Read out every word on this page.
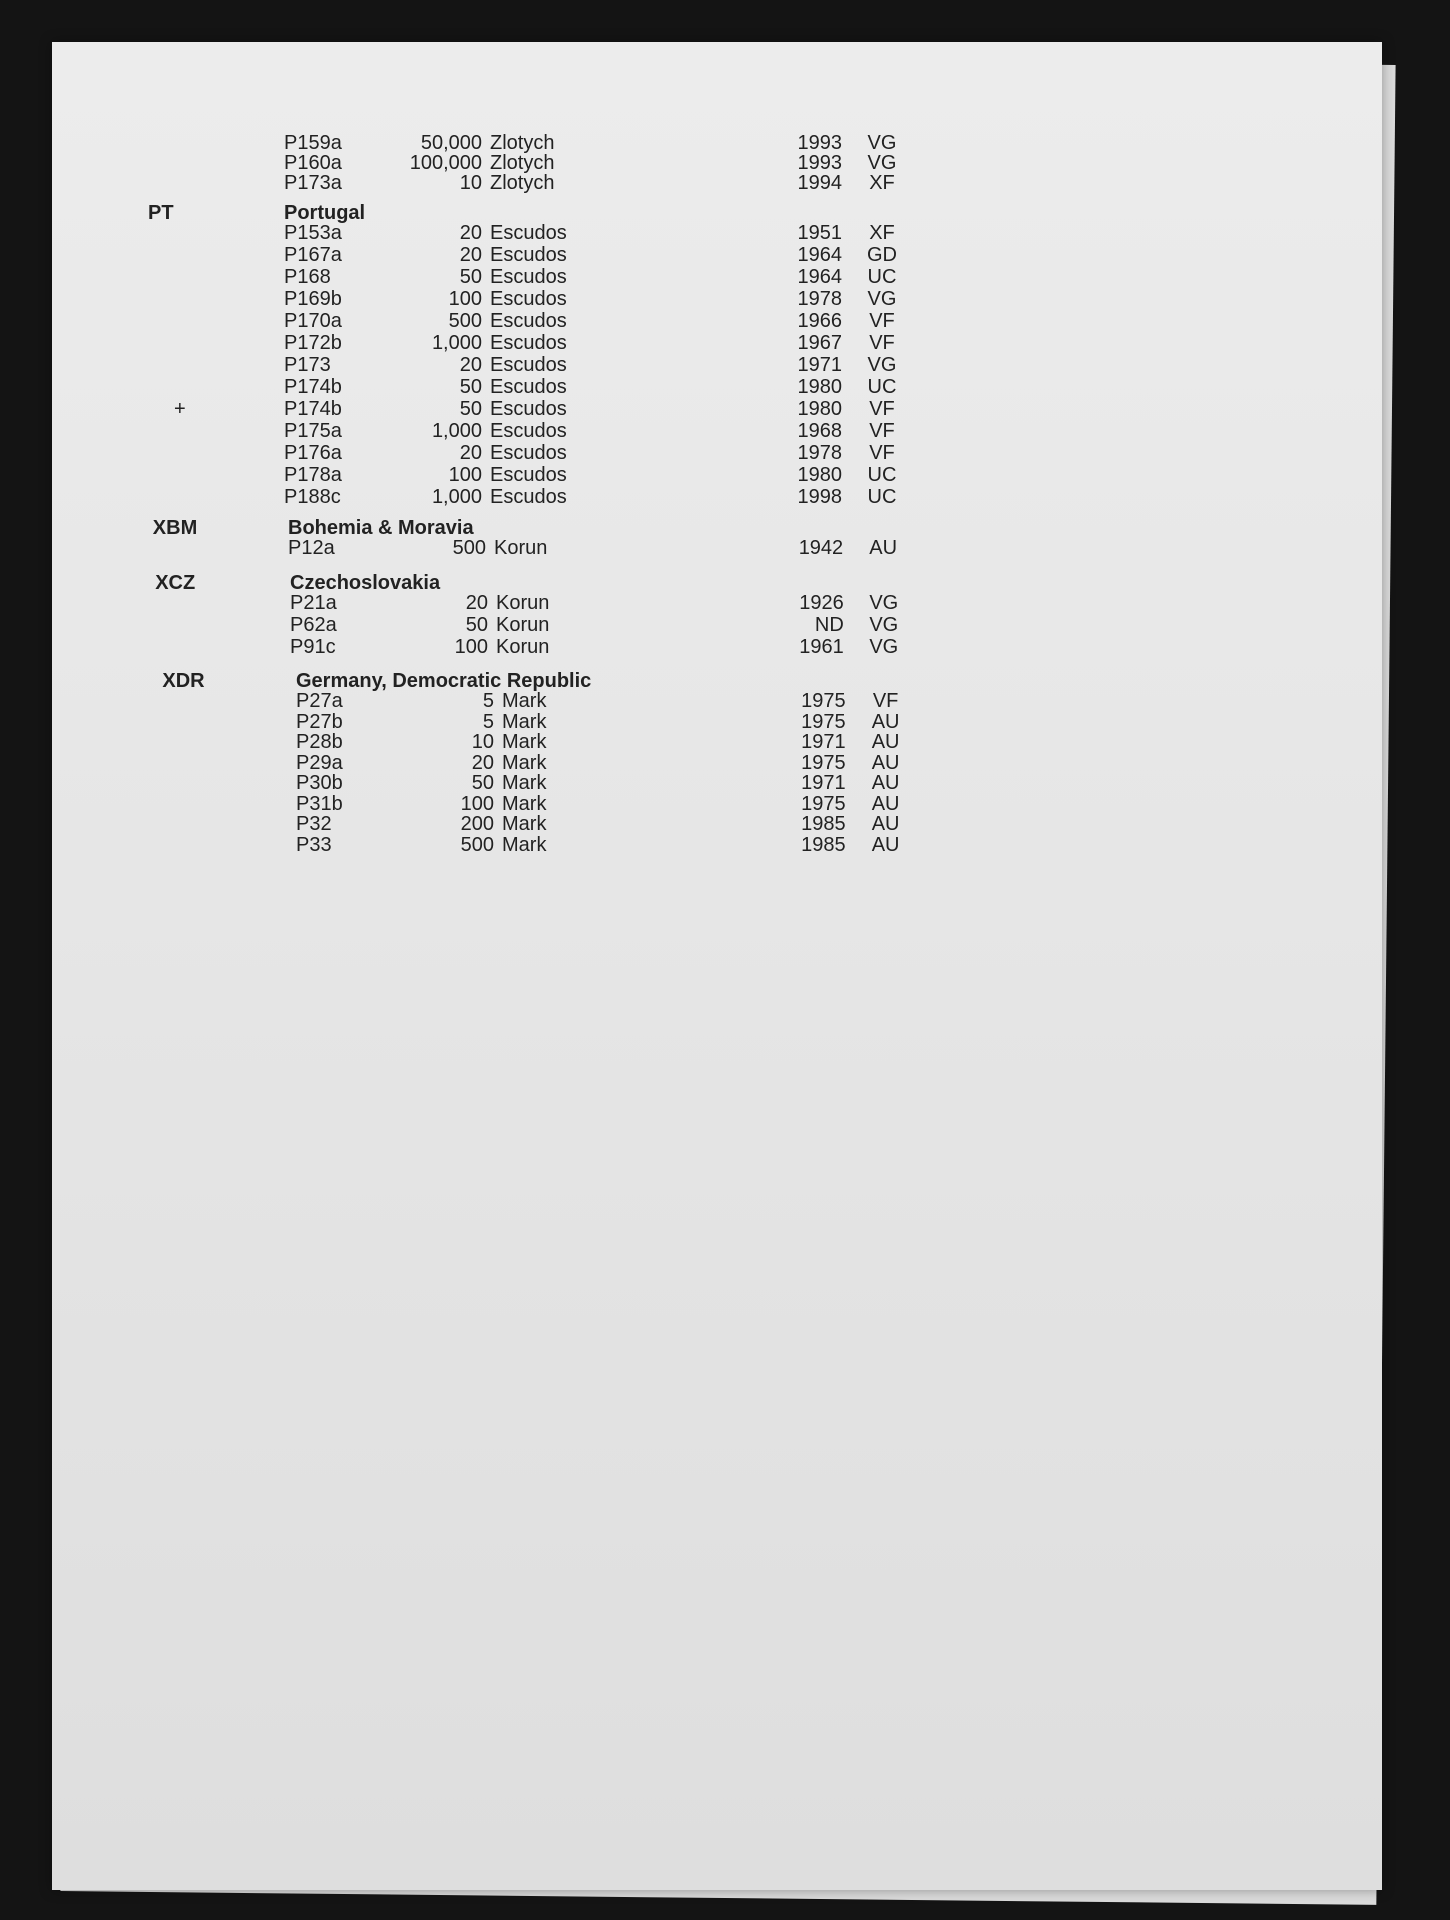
P159a	50,000 Zlotych	1993	VG
P160a	100,000 Zlotych	1993	VG
P173a	10 Zlotych	1994	XF
PT	Portugal
P153a	20 Escudos	1951	XF
P167a	20 Escudos	1964	GD
P168	50 Escudos	1964	UC
P169b	100 Escudos	1978	VG
P170a	500 Escudos	1966	VF
P172b	1,000 Escudos	1967	VF
P173	20 Escudos	1971	VG
P174b	50 Escudos	1980	UC
+	P174b	50 Escudos	1980	VF
P175a	1,000 Escudos	1968	VF
P176a	20 Escudos	1978	VF
P178a	100 Escudos	1980	UC
P188c	1,000 Escudos	1998	UC
XBM	Bohemia & Moravia
P12a	500 Korun	1942	AU
XCZ	Czechoslovakia
P21a	20 Korun	1926	VG
P62a	50 Korun	ND	VG
P91c	100 Korun	1961	VG
XDR	Germany, Democratic Republic
P27a	5 Mark	1975	VF
P27b	5 Mark	1975	AU
P28b	10 Mark	1971	AU
P29a	20 Mark	1975	AU
P30b	50 Mark	1971	AU
P31b	100 Mark	1975	AU
P32	200 Mark	1985	AU
P33	500 Mark	1985	AU
